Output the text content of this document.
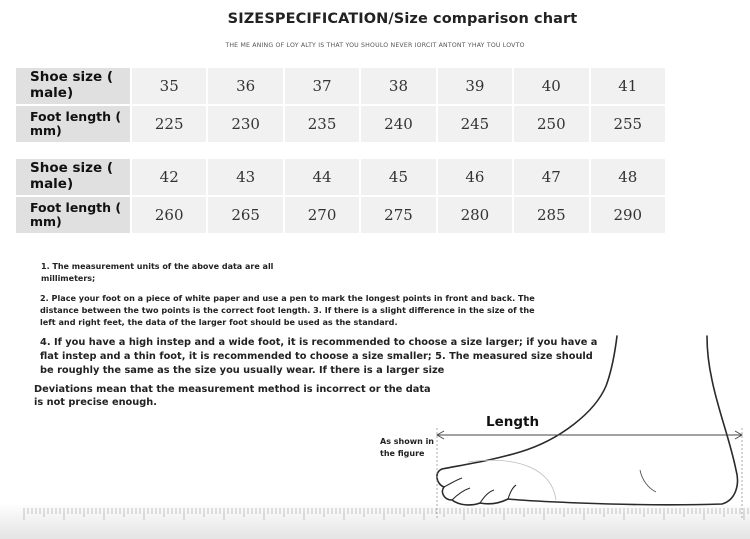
SIZESPECIFICATION/Size comparison chart
THE ME ANING OF LOY ALTY IS THAT YOU SHOULO NEVER IORCIT ANTONT YHAY TOU LOVTO
Shoe size ( male)	35	36	37	38	39	40	41
Foot length ( mm)	225	230	235	240	245	250	255
Shoe size ( male)	42	43	44	45	46	47	48
Foot length ( mm)	260	265	270	275	280	285	290
1. The measurement units of the above data are all millimeters;
2. Place your foot on a piece of white paper and use a pen to mark the longest points in front and back. The distance between the two points is the correct foot length. 3. If there is a slight difference in the size of the left and right feet, the data of the larger foot should be used as the standard.
4. If you have a high instep and a wide foot, it is recommended to choose a size larger; if you have a flat instep and a thin foot, it is recommended to choose a size smaller; 5. The measured size should be roughly the same as the size you usually wear. If there is a larger size
Deviations mean that the measurement method is incorrect or the data is not precise enough.
Length
As shown in the figure
